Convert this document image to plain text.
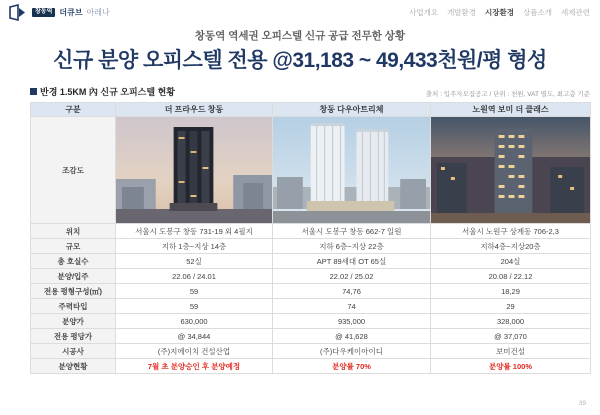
창동역 더큐브 아레나	사업개요 개발환경 시장환경 상품소개 세제관련
창동역 역세권 오피스텔 신규 공급 전무한 상황
신규 분양 오피스텔 전용 @31,183 ~ 49,433천원/평 형성
반경 1.5KM 內 신규 오피스텔 현황	출처 : 입주자모집공고 / 단위 : 천원, VAT 별도, 최고층 기준
구분	더 프라우드 창동	창동 다우아트리체	노원역 보미 더 클래스
조감도	

위치	서울시 도봉구 창동 731-19 외 4필지	서울시 도봉구 창동 662-7 일원	서울시 노원구 상계동 706-2,3
규모	지하 1층~지상 14층	지하 6층~지상 22층	지하4층~지상20층
총 호실수	52실	APT 89세대 OT 65실	204실
분양/입주	22.06 / 24.01	22.02 / 25.02	20.08 / 22.12
전용 평형구성(㎡)	59	74,76	18,29
주력타입	59	74	29
분양가	630,000	935,000	328,000
전용 평당가	@ 34,844	@ 41,628	@ 37,070
시공사	(주)지에이치 건설산업	(주)다우케이아이디	보미건설
분양현황	7월 초 분양승인 후 분양예정	분양률 70%	분양률 100%
39
